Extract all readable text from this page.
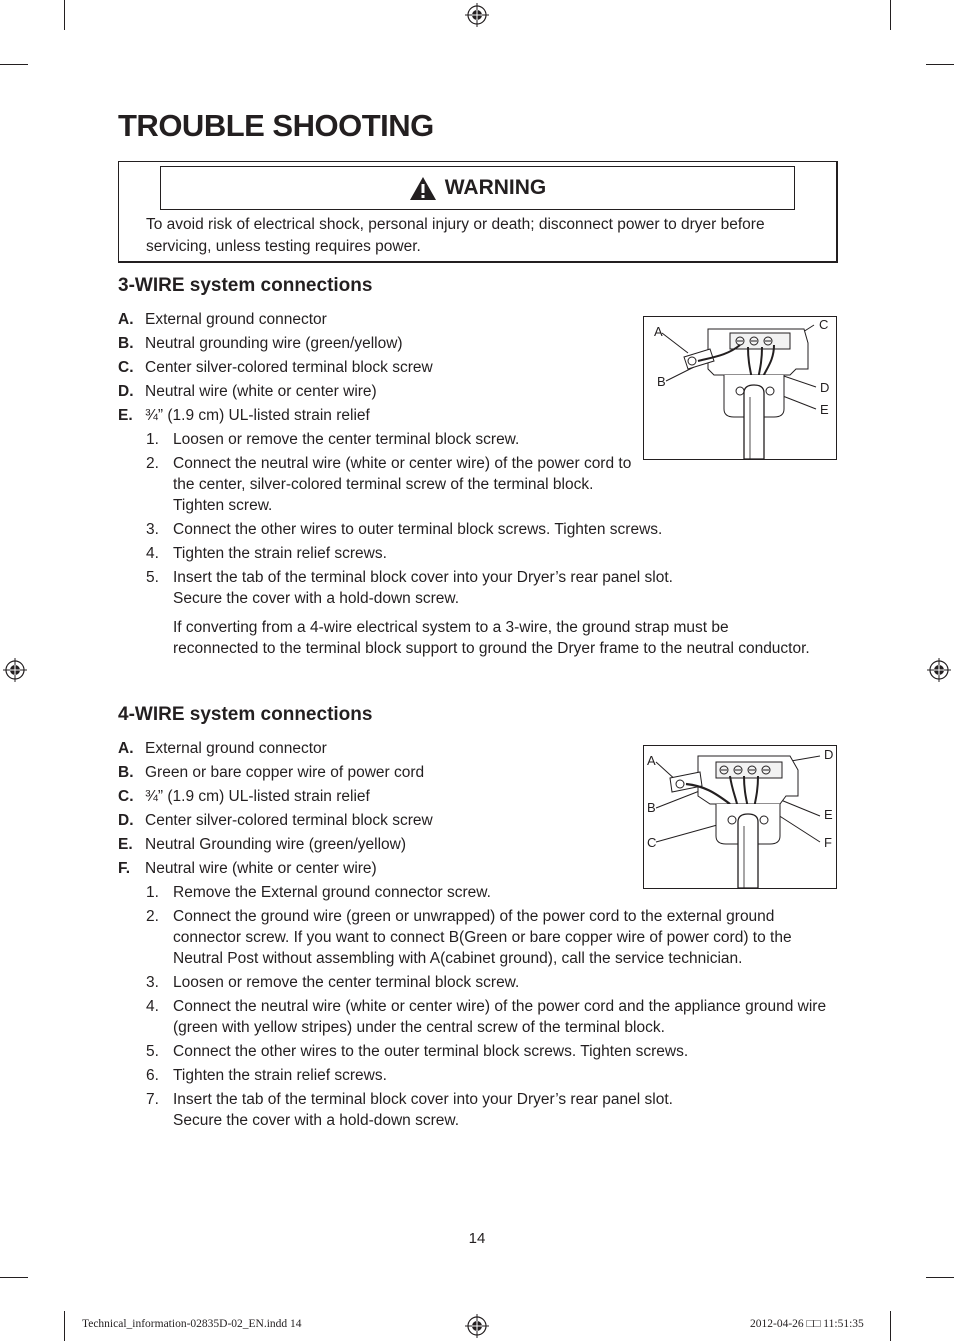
TROUBLE SHOOTING
WARNING
To avoid risk of electrical shock, personal injury or death; disconnect power to dryer before servicing, unless testing requires power.
3-WIRE system connections
A. External ground connector
B. Neutral grounding wire (green/yellow)
C. Center silver-colored terminal block screw
D. Neutral wire (white or center wire)
E. ¾” (1.9 cm) UL-listed strain relief
1. Loosen or remove the center terminal block screw.
2. Connect the neutral wire (white or center wire) of the power cord to the center, silver-colored terminal screw of the terminal block. Tighten screw.
3. Connect the other wires to outer terminal block screws. Tighten screws.
4. Tighten the strain relief screws.
5. Insert the tab of the terminal block cover into your Dryer’s rear panel slot. Secure the cover with a hold-down screw.
If converting from a 4-wire electrical system to a 3-wire, the ground strap must be reconnected to the terminal block support to ground the Dryer frame to the neutral conductor.
A
B
C
D
E
4-WIRE system connections
A. External ground connector
B. Green or bare copper wire of power cord
C. ¾” (1.9 cm) UL-listed strain relief
D. Center silver-colored terminal block screw
E. Neutral Grounding wire (green/yellow)
F. Neutral wire (white or center wire)
1. Remove the External ground connector screw.
2. Connect the ground wire (green or unwrapped) of the power cord to the external ground connector screw. If you want to connect B(Green or bare copper wire of power cord) to the Neutral Post without assembling with A(cabinet ground), call the service technician.
3. Loosen or remove the center terminal block screw.
4. Connect the neutral wire (white or center wire) of the power cord and the appliance ground wire (green with yellow stripes) under the central screw of the terminal block.
5. Connect the other wires to the outer terminal block screws. Tighten screws.
6. Tighten the strain relief screws.
7. Insert the tab of the terminal block cover into your Dryer’s rear panel slot. Secure the cover with a hold-down screw.
A
B
C
D
E
F
14
Technical_information-02835D-02_EN.indd 14	2012-04-26 □□ 11:51:35
